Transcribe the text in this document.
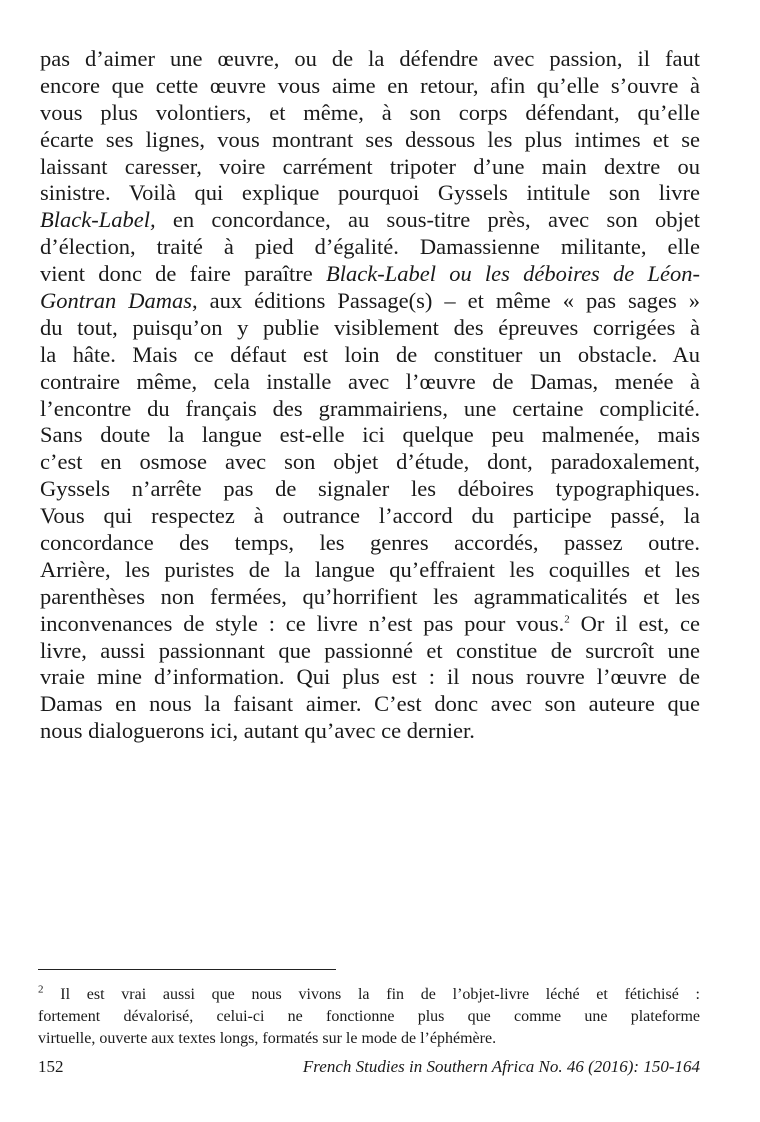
pas d’aimer une œuvre, ou de la défendre avec passion, il faut
encore que cette œuvre vous aime en retour, afin qu’elle s’ouvre à
vous plus volontiers, et même, à son corps défendant, qu’elle
écarte ses lignes, vous montrant ses dessous les plus intimes et se
laissant caresser, voire carrément tripoter d’une main dextre ou
sinistre. Voilà qui explique pourquoi Gyssels intitule son livre
Black-Label, en concordance, au sous-titre près, avec son objet
d’élection, traité à pied d’égalité. Damassienne militante, elle
vient donc de faire paraître Black-Label ou les déboires de Léon-
Gontran Damas, aux éditions Passage(s) – et même « pas sages »
du tout, puisqu’on y publie visiblement des épreuves corrigées à
la hâte. Mais ce défaut est loin de constituer un obstacle. Au
contraire même, cela installe avec l’œuvre de Damas, menée à
l’encontre du français des grammairiens, une certaine complicité.
Sans doute la langue est-elle ici quelque peu malmenée, mais
c’est en osmose avec son objet d’étude, dont, paradoxalement,
Gyssels n’arrête pas de signaler les déboires typographiques.
Vous qui respectez à outrance l’accord du participe passé, la
concordance des temps, les genres accordés, passez outre.
Arrière, les puristes de la langue qu’effraient les coquilles et les
parenthèses non fermées, qu’horrifient les agrammaticalités et les
inconvenances de style : ce livre n’est pas pour vous.$^2$ Or il est, ce
livre, aussi passionnant que passionné et constitue de surcroît une
vraie mine d’information. Qui plus est : il nous rouvre l’œuvre de
Damas en nous la faisant aimer. C’est donc avec son auteure que
nous dialoguerons ici, autant qu’avec ce dernier.
$^2$ Il est vrai aussi que nous vivons la fin de l’objet-livre léché et fétichisé :
fortement dévalorisé, celui-ci ne fonctionne plus que comme une plateforme
virtuelle, ouverte aux textes longs, formatés sur le mode de l’éphémère.
152	French Studies in Southern Africa No. 46 (2016): 150-164
